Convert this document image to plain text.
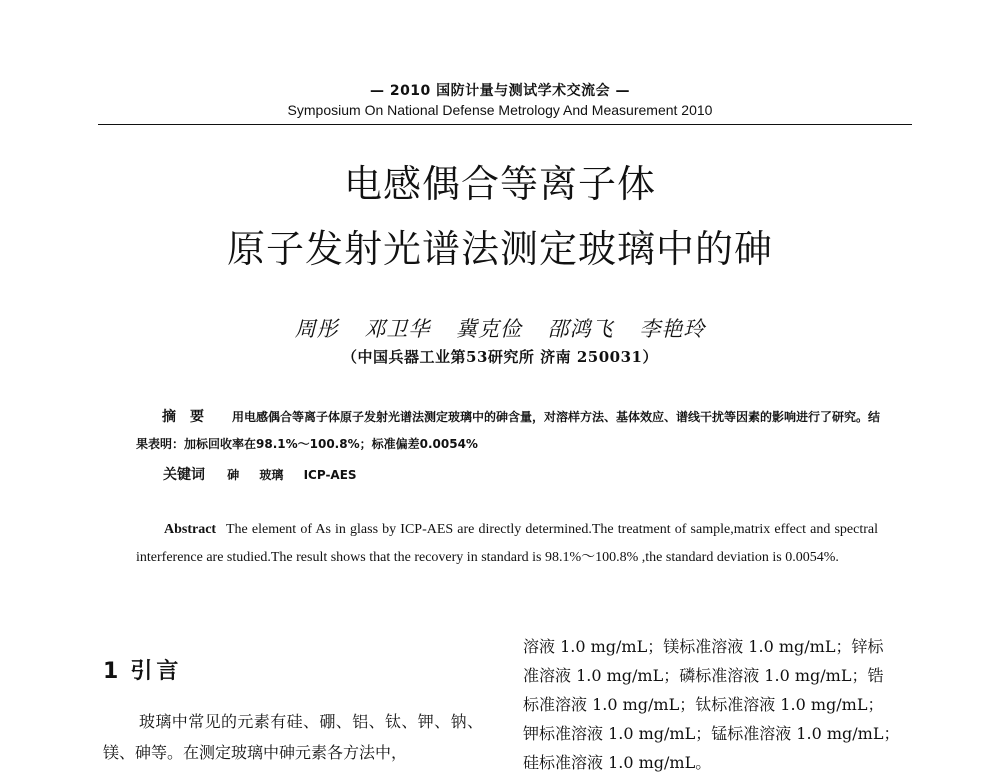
— 2010 国防计量与测试学术交流会 —
Symposium On National Defense Metrology And Measurement 2010
电感偶合等离子体
原子发射光谱法测定玻璃中的砷
周彤 邓卫华 冀克俭 邵鸿飞 李艳玲
（中国兵器工业第53研究所 济南 250031）
摘要 用电感偶合等离子体原子发射光谱法测定玻璃中的砷含量，对溶样方法、基体效应、谱线干扰等因素的影响进行了研究。结果表明：加标回收率在98.1%～100.8%；标准偏差0.0054%
关键词 砷 玻璃 ICP-AES
Abstract The element of As in glass by ICP-AES are directly determined.The treatment of sample,matrix effect and spectral interference are studied.The result shows that the recovery in standard is 98.1%～100.8% ,the standard deviation is 0.0054%.
1 引言
玻璃中常见的元素有硅、硼、铝、钛、钾、钠、镁、砷等。在测定玻璃中砷元素各方法中，
溶液 1.0 mg/mL；镁标准溶液 1.0 mg/mL；锌标
准溶液 1.0 mg/mL；磷标准溶液 1.0 mg/mL；锆
标准溶液 1.0 mg/mL；钛标准溶液 1.0 mg/mL；
钾标准溶液 1.0 mg/mL；锰标准溶液 1.0 mg/mL；
硅标准溶液 1.0 mg/mL。
